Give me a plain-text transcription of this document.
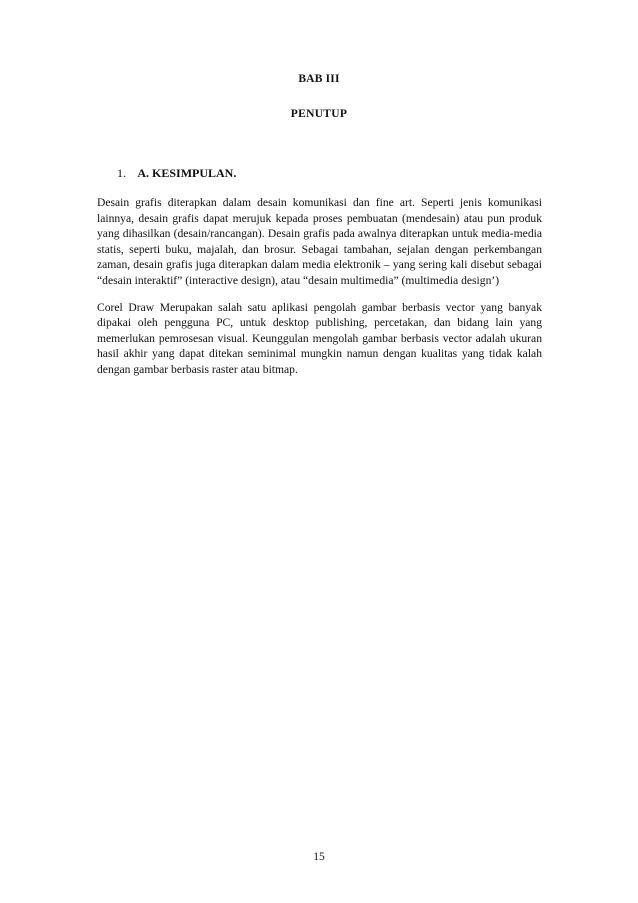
BAB III
PENUTUP
1. A. KESIMPULAN.

Desain grafis diterapkan dalam desain komunikasi dan fine art. Seperti jenis komunikasi lainnya, desain grafis dapat merujuk kepada proses pembuatan (mendesain) atau pun produk yang dihasilkan (desain/rancangan). Desain grafis pada awalnya diterapkan untuk media-media statis, seperti buku, majalah, dan brosur. Sebagai tambahan, sejalan dengan perkembangan zaman, desain grafis juga diterapkan dalam media elektronik – yang sering kali disebut sebagai “desain interaktif” (interactive design), atau “desain multimedia” (multimedia design’)

Corel Draw Merupakan salah satu aplikasi pengolah gambar berbasis vector yang banyak dipakai oleh pengguna PC, untuk desktop publishing, percetakan, dan bidang lain yang memerlukan pemrosesan visual. Keunggulan mengolah gambar berbasis vector adalah ukuran hasil akhir yang dapat ditekan seminimal mungkin namun dengan kualitas yang tidak kalah dengan gambar berbasis raster atau bitmap.

15
